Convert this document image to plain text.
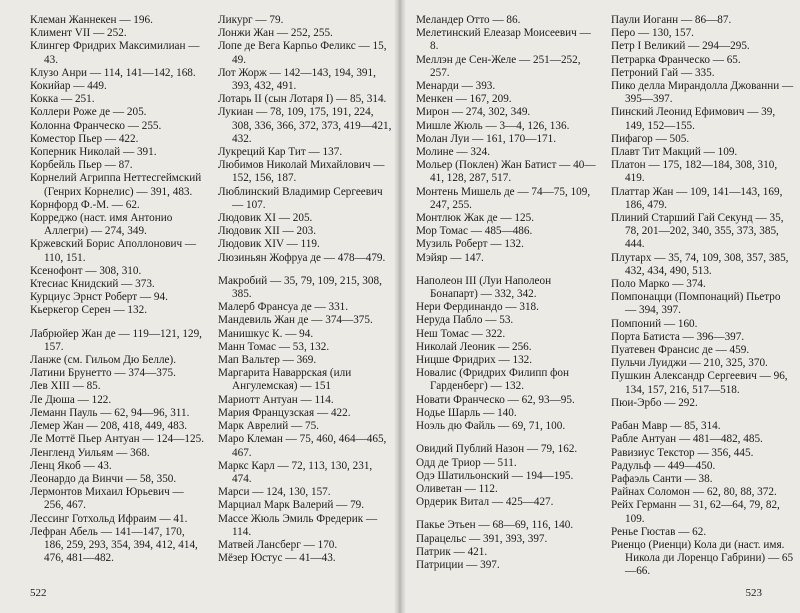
Клеман Жаннекен — 196.
Климент VII — 252.
Клингер Фридрих Максимилиан — 43.
Клузо Анри — 114, 141—142, 168.
Кокийар — 449.
Кокка — 251.
Коллери Роже де — 205.
Колонна Франческо — 255.
Коместор Пьер — 422.
Коперник Николай — 391.
Корбейль Пьер — 87.
Корнелий Агриппа Неттесгеймский (Генрих Корнелис) — 391, 483.
Корнфорд Ф.-М. — 62.
Корреджо (наст. имя Антонио Аллегри) — 274, 349.
Кржевский Борис Аполлонович — 110, 151.
Ксенофонт — 308, 310.
Ктесиас Книдский — 373.
Курциус Эрнст Роберт — 94.
Кьеркегор Серен — 132.
Лабрюйер Жан де — 119—121, 129, 157.
Ланже (см. Гильом Дю Белле).
Латини Брунетто — 374—375.
Лев XIII — 85.
Ле Дюша — 122.
Леманн Пауль — 62, 94—96, 311.
Лемер Жан — 208, 418, 449, 483.
Ле Моттё Пьер Антуан — 124—125.
Ленгленд Уильям — 368.
Ленц Якоб — 43.
Леонардо да Винчи — 58, 350.
Лермонтов Михаил Юрьевич — 256, 467.
Лессинг Готхольд Ифраим — 41.
Лефран Абель — 141—147, 170, 186, 259, 293, 354, 394, 412, 414, 476, 481—482.
Ликург — 79.
Лонжи Жан — 252, 255.
Лопе де Вега Карпьо Феликс — 15, 49.
Лот Жорж — 142—143, 194, 391, 393, 432, 491.
Лотарь II (сын Лотаря I) — 85, 314.
Лукиан — 78, 109, 175, 191, 224, 308, 336, 366, 372, 373, 419—421, 432.
Лукреций Кар Тит — 137.
Любимов Николай Михайлович — 152, 156, 187.
Люблинский Владимир Сергеевич — 107.
Людовик XI — 205.
Людовик XII — 203.
Людовик XIV — 119.
Люзиньян Жофруа де — 478—479.
Макробий — 35, 79, 109, 215, 308, 385.
Малерб Франсуа де — 331.
Мандевиль Жан де — 374—375.
Манишкус К. — 94.
Манн Томас — 53, 132.
Мап Вальтер — 369.
Маргарита Наваррская (или Ангулемская) — 151
Мариотт Антуан — 114.
Мария Французская — 422.
Марк Аврелий — 75.
Маро Клеман — 75, 460, 464—465, 467.
Маркс Карл — 72, 113, 130, 231, 474.
Марси — 124, 130, 157.
Марциал Марк Валерий — 79.
Массе Жюль Эмиль Фредерик — 114.
Матвей Лансберг — 170.
Мёзер Юстус — 41—43.
522
Меландер Отто — 86.
Мелетинский Елеазар Моисеевич — 8.
Меллэн де Сен-Желе — 251—252, 257.
Менарди — 393.
Менкен — 167, 209.
Мирон — 274, 302, 349.
Мишле Жюль — 3—4, 126, 136.
Молан Луи — 161, 170—171.
Молине — 324.
Мольер (Поклен) Жан Батист — 40—41, 128, 287, 517.
Монтень Мишель де — 74—75, 109, 247, 255.
Монтлюк Жак де — 125.
Мор Томас — 485—486.
Музиль Роберт — 132.
Мэйяр — 147.
Наполеон III (Луи Наполеон Бонапарт) — 332, 342.
Нери Фердинандо — 318.
Неруда Пабло — 53.
Неш Томас — 322.
Николай Леоник — 256.
Ницше Фридрих — 132.
Новалис (Фридрих Филипп фон Гарденберг) — 132.
Новати Франческо — 62, 93—95.
Нодье Шарль — 140.
Ноэль дю Файль — 69, 71, 100.
Овидий Публий Назон — 79, 162.
Одд де Триор — 511.
Одэ Шатильонский — 194—195.
Оливетан — 112.
Ордерик Витал — 425—427.
Пакье Этьен — 68—69, 116, 140.
Парацельс — 391, 393, 397.
Патрик — 421.
Патриции — 397.
Паули Иоганн — 86—87.
Перо — 130, 157.
Петр I Великий — 294—295.
Петрарка Франческо — 65.
Петроний Гай — 335.
Пико делла Мирандолла Джованни — 395—397.
Пинский Леонид Ефимович — 39, 149, 152—155.
Пифагор — 505.
Плавт Тит Макций — 109.
Платон — 175, 182—184, 308, 310, 419.
Платтар Жан — 109, 141—143, 169, 186, 479.
Плиний Старший Гай Секунд — 35, 78, 201—202, 340, 355, 373, 385, 444.
Плутарх — 35, 74, 109, 308, 357, 385, 432, 434, 490, 513.
Поло Марко — 374.
Помпонацци (Помпонаций) Пьетро — 394, 397.
Помпоний — 160.
Порта Батиста — 396—397.
Пуатевен Франсис де — 459.
Пульчи Луиджи — 210, 325, 370.
Пушкин Александр Сергеевич — 96, 134, 157, 216, 517—518.
Пюи-Эрбо — 292.
Рабан Мавр — 85, 314.
Рабле Антуан — 481—482, 485.
Равизиус Текстор — 356, 445.
Радульф — 449—450.
Рафаэль Санти — 38.
Райнах Соломон — 62, 80, 88, 372.
Рейх Германн — 31, 62—64, 79, 82, 109.
Ренье Гюстав — 62.
Риенцо (Риенци) Кола ди (наст. имя. Никола ди Лоренцо Габрини) — 65—66.
523
